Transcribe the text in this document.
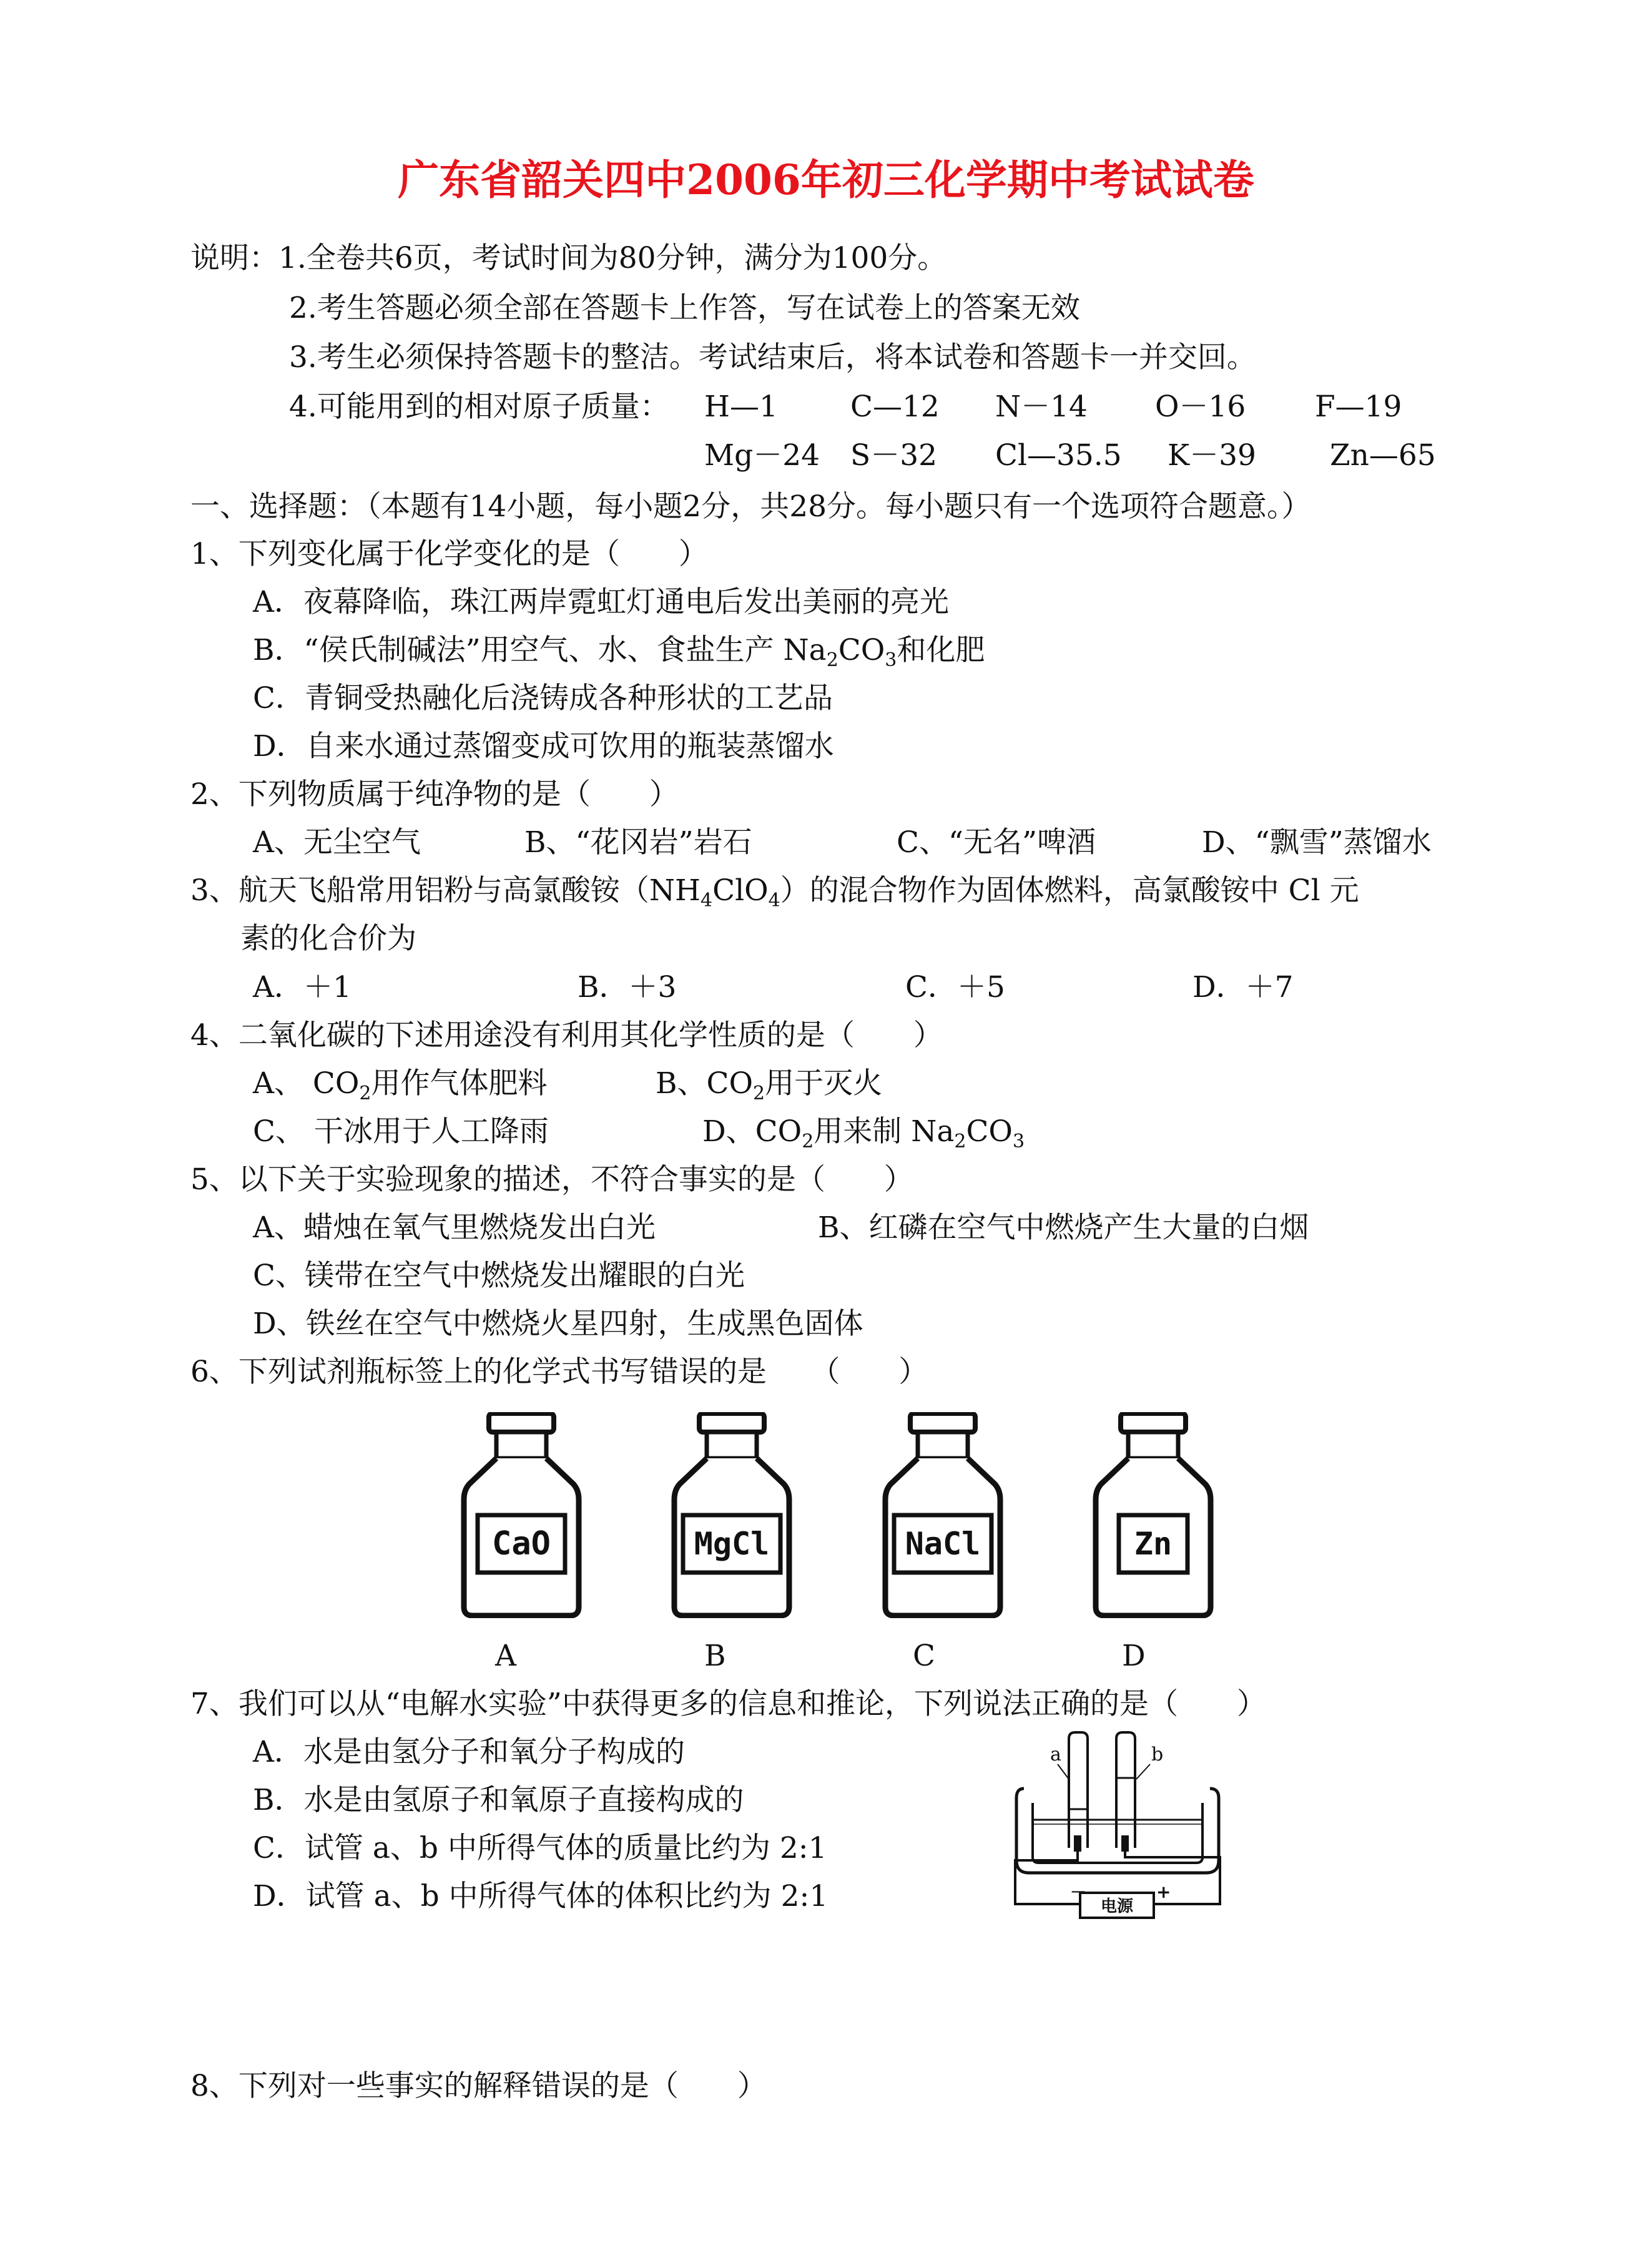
广东省韶关四中2006年初三化学期中考试试卷
说明：1.全卷共6页，考试时间为80分钟，满分为100分。
2.考生答题必须全部在答题卡上作答，写在试卷上的答案无效
3.考生必须保持答题卡的整洁。考试结束后，将本试卷和答题卡一并交回。
4.可能用到的相对原子质量： H—1 C—12 N－14 O－16 F—19
Mg－24 S－32 Cl—35.5 K－39	Zn—65
一、选择题：（本题有14小题，每小题2分，共28分。每小题只有一个选项符合题意。）
1、下列变化属于化学变化的是（　　）
A．夜幕降临，珠江两岸霓虹灯通电后发出美丽的亮光
B．“侯氏制碱法”用空气、水、食盐生产 $Na_2CO_3$和化肥
C．青铜受热融化后浇铸成各种形状的工艺品
D．自来水通过蒸馏变成可饮用的瓶装蒸馏水
2、下列物质属于纯净物的是（　　）
A、无尘空气	B、“花冈岩”岩石	C、“无名”啤酒	D、“飘雪”蒸馏水
3、航天飞船常用铝粉与高氯酸铵$(NH_4ClO_4)$的混合物作为固体燃料，高氯酸铵中 Cl 元
素的化合价为
A．＋1	B．＋3	C．＋5	D．＋7
4、二氧化碳的下述用途没有利用其化学性质的是（　　）
A、 $CO_2$用作气体肥料	B、$CO_2$用于灭火
C、 干冰用于人工降雨	D、$CO_2$用来制 $Na_2CO_3$
5、以下关于实验现象的描述，不符合事实的是（　　）
A、蜡烛在氧气里燃烧发出白光	B、红磷在空气中燃烧产生大量的白烟
C、镁带在空气中燃烧发出耀眼的白光
D、铁丝在空气中燃烧火星四射，生成黑色固体
6、下列试剂瓶标签上的化学式书写错误的是　　（　　）
CaO	MgCl	NaCl	Zn
A	B	C	D
7、我们可以从“电解水实验”中获得更多的信息和推论，下列说法正确的是（　　）
A．水是由氢分子和氧分子构成的
B．水是由氢原子和氧原子直接构成的
C．试管 a、b 中所得气体的质量比约为 2:1
D．试管 a、b 中所得气体的体积比约为 2:1
a	b
电源
－	+
8、下列对一些事实的解释错误的是（　　）
